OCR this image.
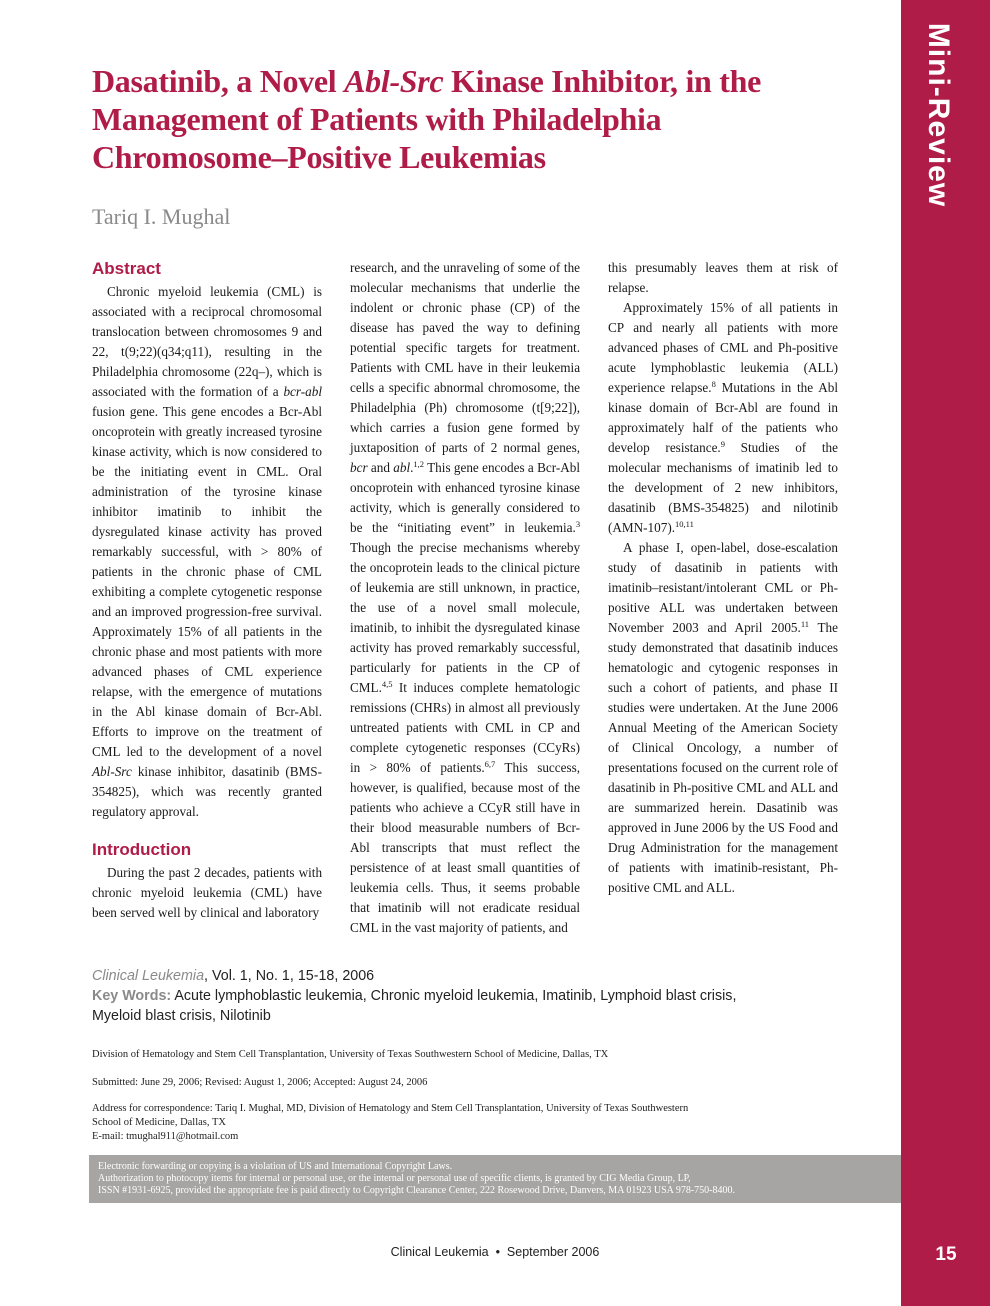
Mini-Review
Dasatinib, a Novel Abl-Src Kinase Inhibitor, in the Management of Patients with Philadelphia Chromosome–Positive Leukemias
Tariq I. Mughal
Abstract

Chronic myeloid leukemia (CML) is associated with a reciprocal chromosomal translocation between chromosomes 9 and 22, t(9;22)(q34;q11), resulting in the Philadelphia chromosome (22q–), which is associated with the formation of a bcr-abl fusion gene. This gene encodes a Bcr-Abl oncoprotein with greatly increased tyrosine kinase activity, which is now considered to be the initiating event in CML. Oral administration of the tyrosine kinase inhibitor imatinib to inhibit the dysregulated kinase activity has proved remarkably successful, with > 80% of patients in the chronic phase of CML exhibiting a complete cytogenetic response and an improved progression-free survival. Approximately 15% of all patients in the chronic phase and most patients with more advanced phases of CML experience relapse, with the emergence of mutations in the Abl kinase domain of Bcr-Abl. Efforts to improve on the treatment of CML led to the development of a novel Abl-Src kinase inhibitor, dasatinib (BMS-354825), which was recently granted regulatory approval.

Introduction

During the past 2 decades, patients with chronic myeloid leukemia (CML) have been served well by clinical and laboratory

research, and the unraveling of some of the molecular mechanisms that underlie the indolent or chronic phase (CP) of the disease has paved the way to defining potential specific targets for treatment. Patients with CML have in their leukemia cells a specific abnormal chromosome, the Philadelphia (Ph) chromosome (t[9;22]), which carries a fusion gene formed by juxtaposition of parts of 2 normal genes, bcr and abl.$^{1,2}$ This gene encodes a Bcr-Abl oncoprotein with enhanced tyrosine kinase activity, which is generally considered to be the “initiating event” in leukemia.$^3$ Though the precise mechanisms whereby the oncoprotein leads to the clinical picture of leukemia are still unknown, in practice, the use of a novel small molecule, imatinib, to inhibit the dysregulated kinase activity has proved remarkably successful, particularly for patients in the CP of CML.$^{4,5}$ It induces complete hematologic remissions (CHRs) in almost all previously untreated patients with CML in CP and complete cytogenetic responses (CCyRs) in > 80% of patients.$^{6,7}$ This success, however, is qualified, because most of the patients who achieve a CCyR still have in their blood measurable numbers of Bcr-Abl transcripts that must reflect the persistence of at least small quantities of leukemia cells. Thus, it seems probable that imatinib will not eradicate residual CML in the vast majority of patients, and

this presumably leaves them at risk of relapse.

Approximately 15% of all patients in CP and nearly all patients with more advanced phases of CML and Ph-positive acute lymphoblastic leukemia (ALL) experience relapse.$^8$ Mutations in the Abl kinase domain of Bcr-Abl are found in approximately half of the patients who develop resistance.$^9$ Studies of the molecular mechanisms of imatinib led to the development of 2 new inhibitors, dasatinib (BMS-354825) and nilotinib (AMN-107).$^{10,11}$

A phase I, open-label, dose-escalation study of dasatinib in patients with imatinib–resistant/intolerant CML or Ph-positive ALL was undertaken between November 2003 and April 2005.11 The study demonstrated that dasatinib induces hematologic and cytogenic responses in such a cohort of patients, and phase II studies were undertaken. At the June 2006 Annual Meeting of the American Society of Clinical Oncology, a number of presentations focused on the current role of dasatinib in Ph-positive CML and ALL and are summarized herein. Dasatinib was approved in June 2006 by the US Food and Drug Administration for the management of patients with imatinib-resistant, Ph-positive CML and ALL.

Clinical Leukemia, Vol. 1, No. 1, 15-18, 2006
Key Words: Acute lymphoblastic leukemia, Chronic myeloid leukemia, Imatinib, Lymphoid blast crisis, Myeloid blast crisis, Nilotinib
Division of Hematology and Stem Cell Transplantation, University of Texas Southwestern School of Medicine, Dallas, TX
Submitted: June 29, 2006; Revised: August 1, 2006; Accepted: August 24, 2006
Address for correspondence: Tariq I. Mughal, MD, Division of Hematology and Stem Cell Transplantation, University of Texas Southwestern
School of Medicine, Dallas, TX
E-mail: tmughal911@hotmail.com
Electronic forwarding or copying is a violation of US and International Copyright Laws.
Authorization to photocopy items for internal or personal use, or the internal or personal use of specific clients, is granted by CIG Media Group, LP,
ISSN #1931-6925, provided the appropriate fee is paid directly to Copyright Clearance Center, 222 Rosewood Drive, Danvers, MA 01923 USA 978-750-8400.
Clinical Leukemia • September 2006	15
